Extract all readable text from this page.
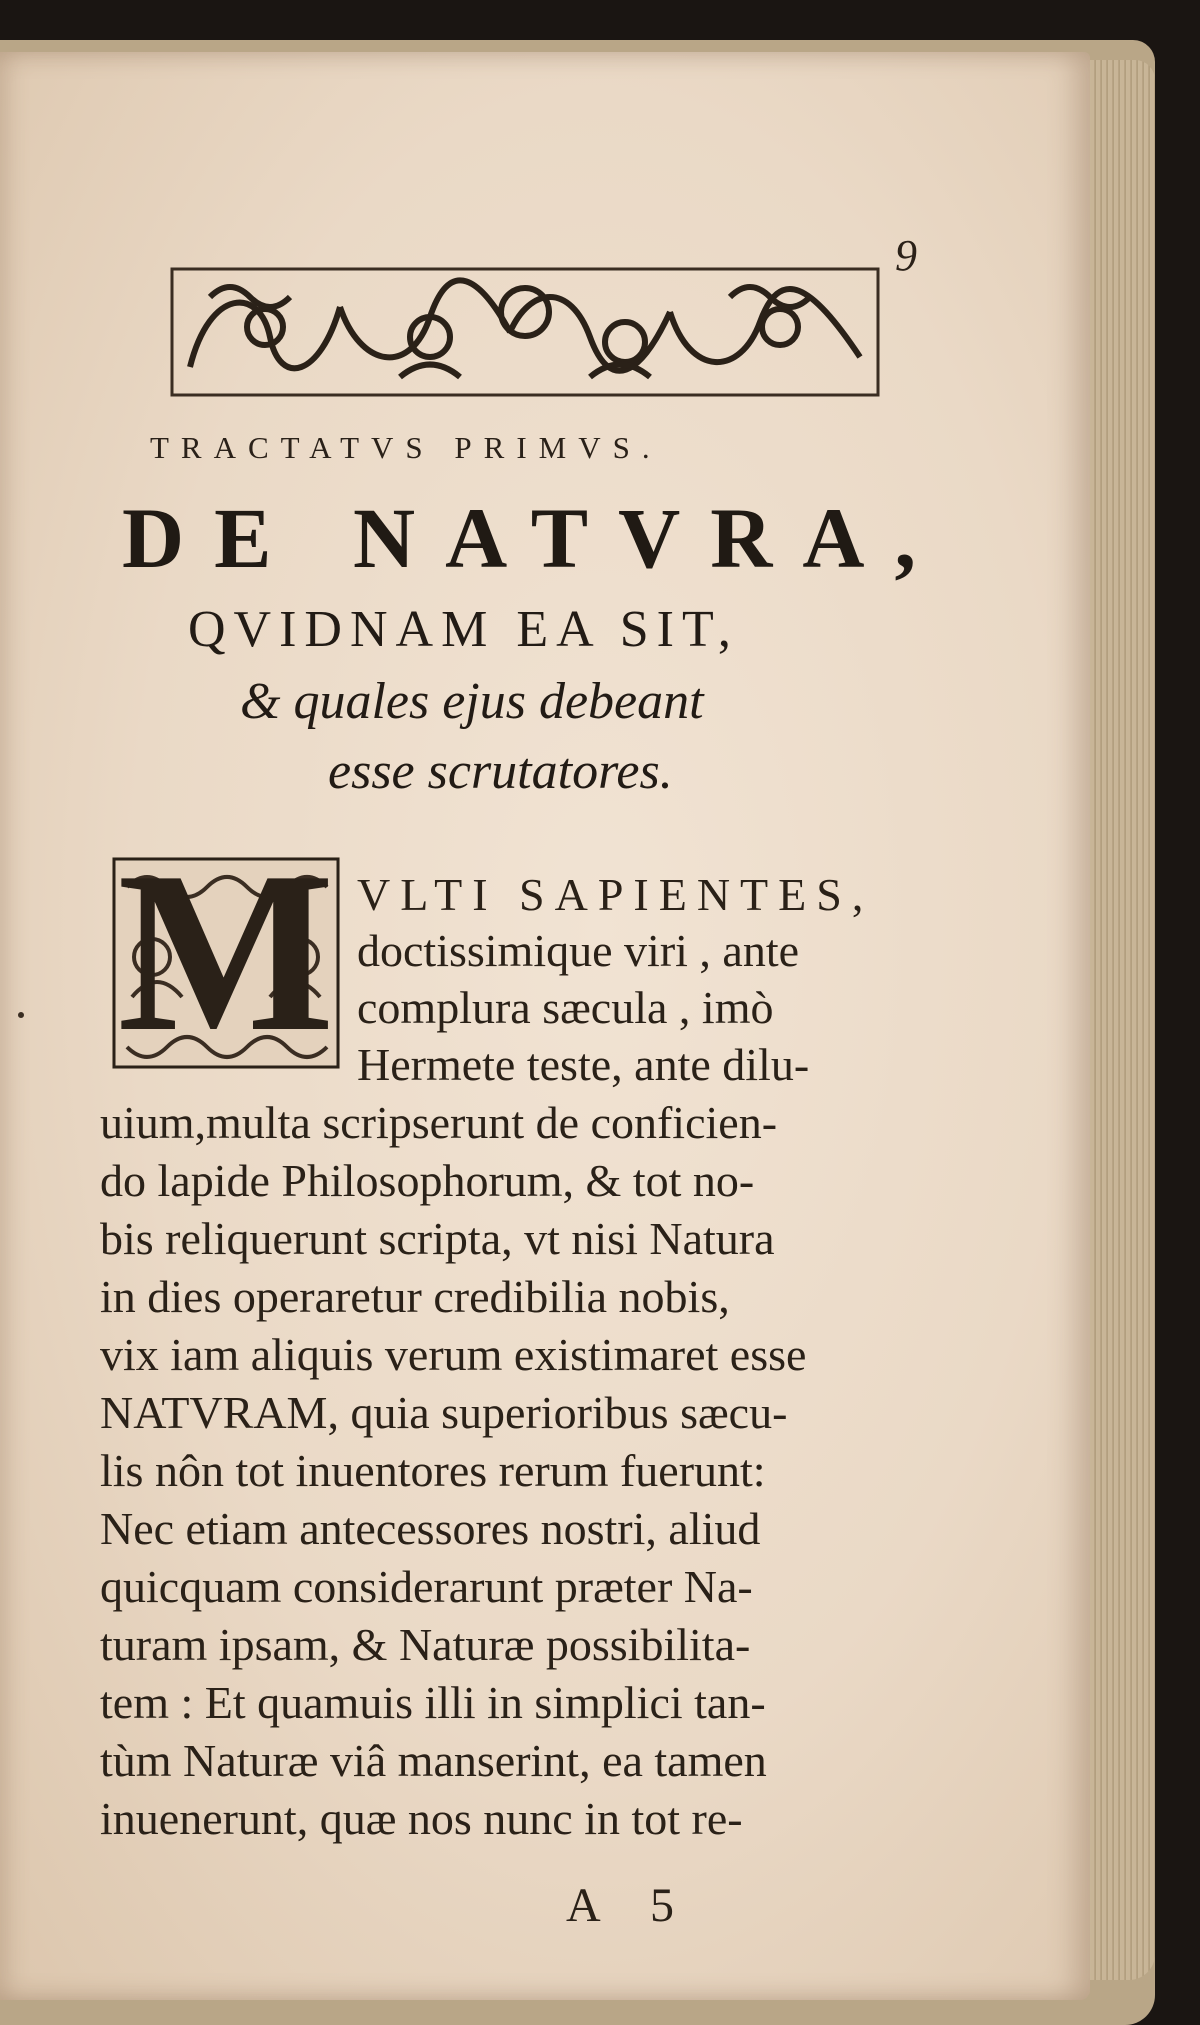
9
TRACTATVS PRIMVS.
DE NATVRA,
QVIDNAM EA SIT,
& quales ejus debeant
esse scrutatores.
M VLTI SAPIENTES,
doctissimique viri , ante
complura sæcula , imò
Hermete teste, ante dilu-
uium,multa scripserunt de conficien-
do lapide Philosophorum, & tot no-
bis reliquerunt scripta, vt nisi Natura
in dies operaretur credibilia nobis,
vix iam aliquis verum existimaret esse
NATVRAM, quia superioribus sæcu-
lis nôn tot inuentores rerum fuerunt:
Nec etiam antecessores nostri, aliud
quicquam considerarunt præter Na-
turam ipsam, & Naturæ possibilita-
tem : Et quamuis illi in simplici tan-
tùm Naturæ viâ manserint, ea tamen
inuenerunt, quæ nos nunc in tot re-
A 5
